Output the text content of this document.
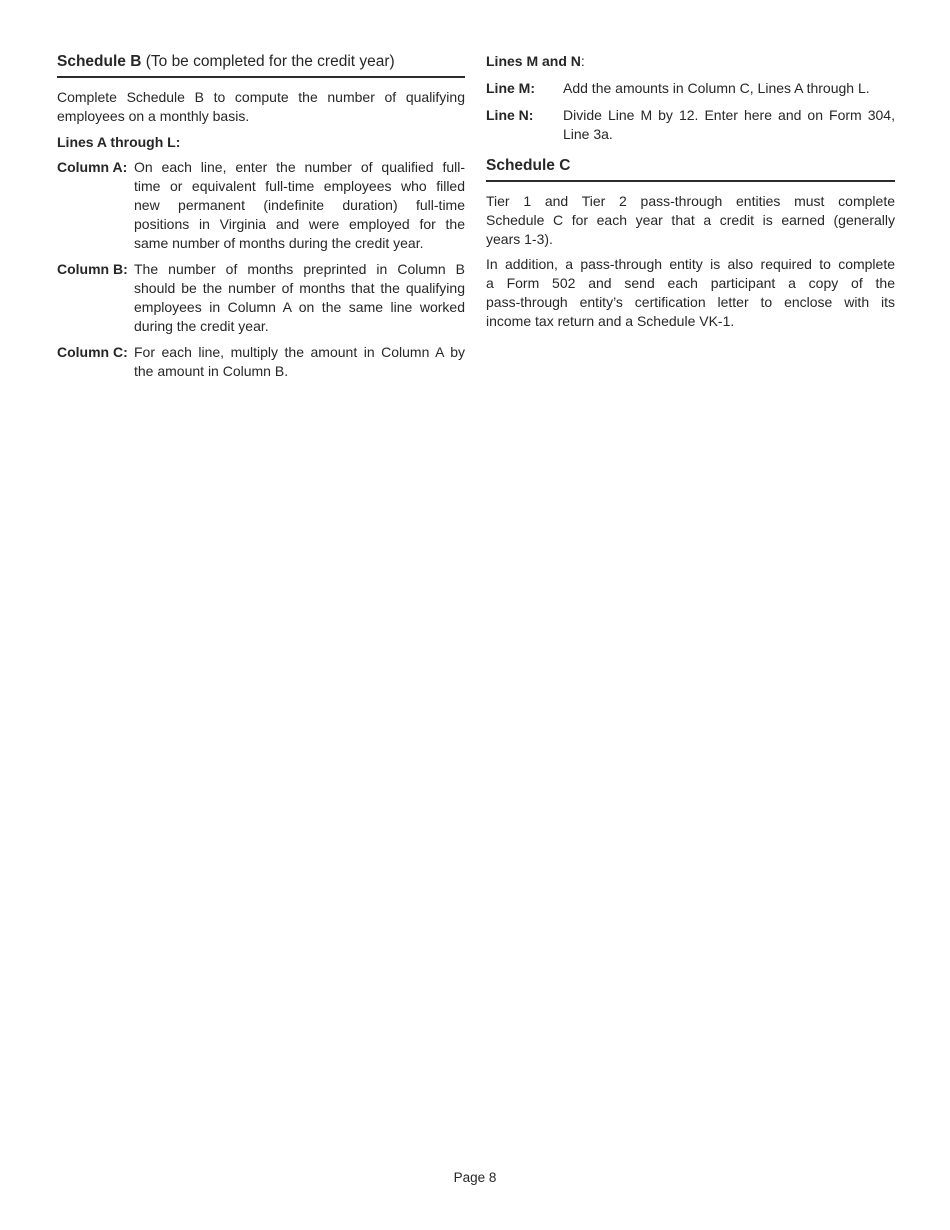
Schedule B (To be completed for the credit year)
Complete Schedule B to compute the number of qualifying
employees on a monthly basis.
Lines A through L:
Column A: On each line, enter the number of qualified full-
time or equivalent full-time employees who filled
new permanent (indefinite duration) full-time
positions in Virginia and were employed for the
same number of months during the credit year.
Column B: The number of months preprinted in Column B
should be the number of months that the qualifying
employees in Column A on the same line worked
during the credit year.
Column C: For each line, multiply the amount in Column A by
the amount in Column B.
Lines M and N:
Line M: Add the amounts in Column C, Lines A through L.
Line N: Divide Line M by 12. Enter here and on Form 304,
Line 3a.
Schedule C
Tier 1 and Tier 2 pass-through entities must complete
Schedule C for each year that a credit is earned (generally
years 1-3).
In addition, a pass-through entity is also required to complete
a Form 502 and send each participant a copy of the
pass-through entity’s certification letter to enclose with its
income tax return and a Schedule VK-1.
Page 8
